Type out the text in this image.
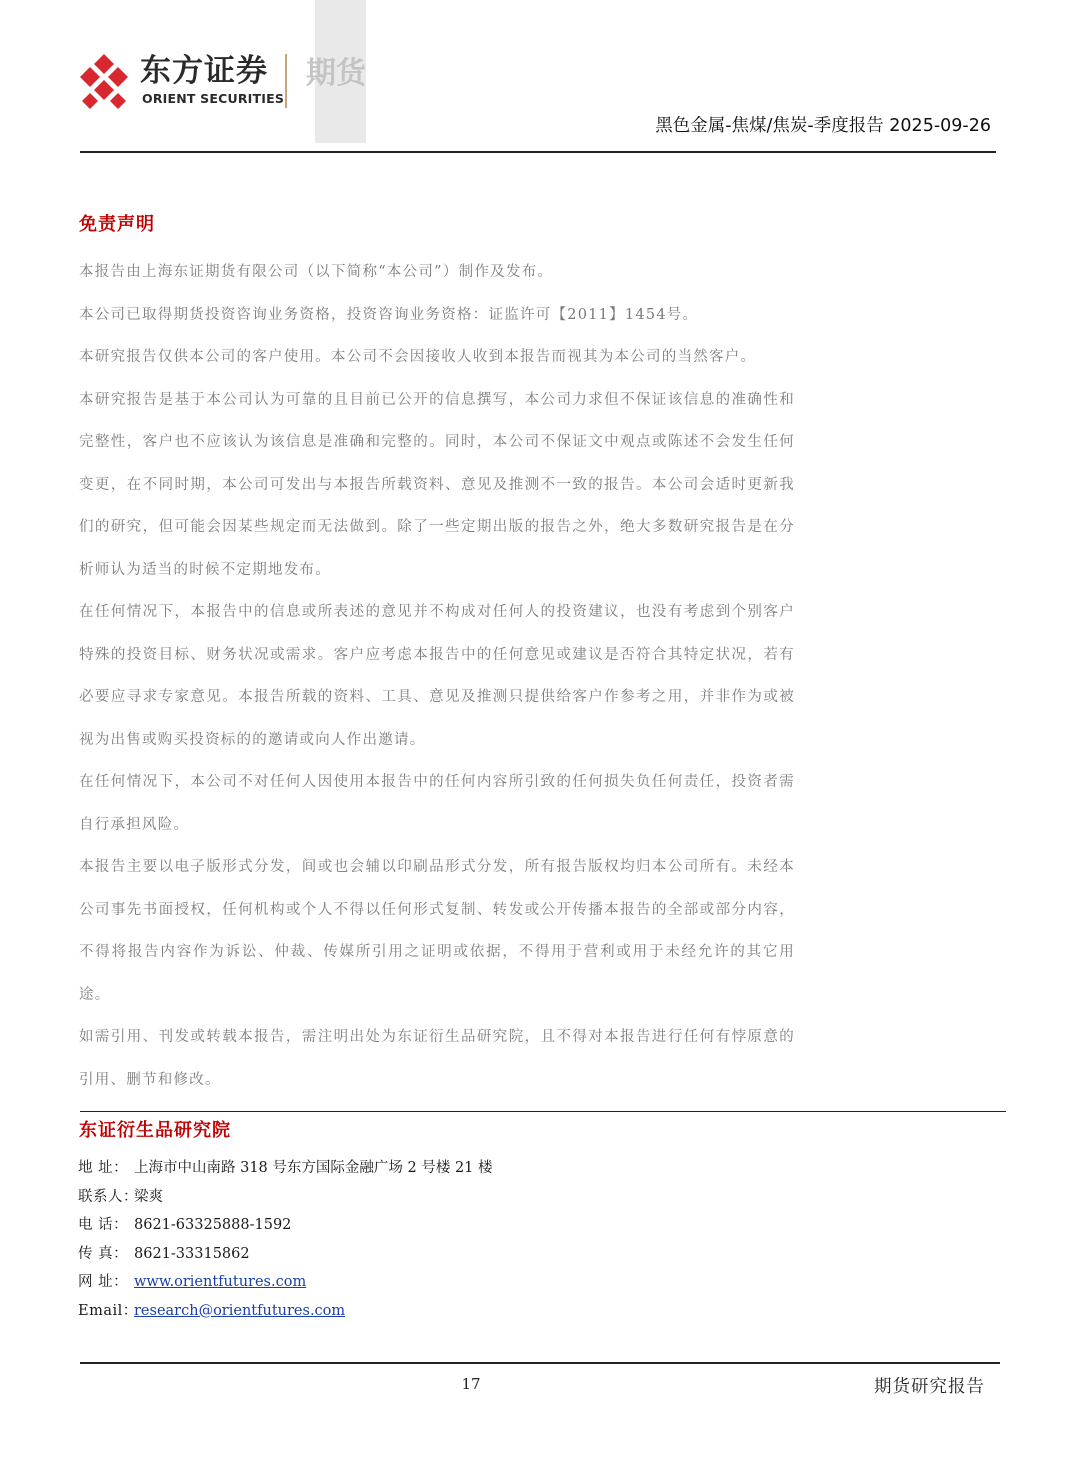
东方证券
ORIENT SECURITIES
期货
黑色金属-焦煤/焦炭-季度报告 2025-09-26
免责声明

本报告由上海东证期货有限公司（以下简称“本公司”）制作及发布。

本公司已取得期货投资咨询业务资格，投资咨询业务资格：证监许可【2011】1454号。

本研究报告仅供本公司的客户使用。本公司不会因接收人收到本报告而视其为本公司的当然客户。

本研究报告是基于本公司认为可靠的且目前已公开的信息撰写，本公司力求但不保证该信息的准确性和完整性，客户也不应该认为该信息是准确和完整的。同时，本公司不保证文中观点或陈述不会发生任何变更，在不同时期，本公司可发出与本报告所载资料、意见及推测不一致的报告。本公司会适时更新我们的研究，但可能会因某些规定而无法做到。除了一些定期出版的报告之外，绝大多数研究报告是在分析师认为适当的时候不定期地发布。

在任何情况下，本报告中的信息或所表述的意见并不构成对任何人的投资建议，也没有考虑到个别客户特殊的投资目标、财务状况或需求。客户应考虑本报告中的任何意见或建议是否符合其特定状况，若有必要应寻求专家意见。本报告所载的资料、工具、意见及推测只提供给客户作参考之用，并非作为或被视为出售或购买投资标的的邀请或向人作出邀请。

在任何情况下，本公司不对任何人因使用本报告中的任何内容所引致的任何损失负任何责任，投资者需自行承担风险。

本报告主要以电子版形式分发，间或也会辅以印刷品形式分发，所有报告版权均归本公司所有。未经本公司事先书面授权，任何机构或个人不得以任何形式复制、转发或公开传播本报告的全部或部分内容，不得将报告内容作为诉讼、仲裁、传媒所引用之证明或依据，不得用于营利或用于未经允许的其它用途。

如需引用、刊发或转载本报告，需注明出处为东证衍生品研究院，且不得对本报告进行任何有悖原意的引用、删节和修改。

东证衍生品研究院
地 址： 上海市中山南路 318 号东方国际金融广场 2 号楼 21 楼
联系人：
梁爽
电 话： 8621-63325888-1592
传 真： 8621-33315862
网 址： www.orientfutures.com
Email：
research@orientfutures.com
17	期货研究报告
